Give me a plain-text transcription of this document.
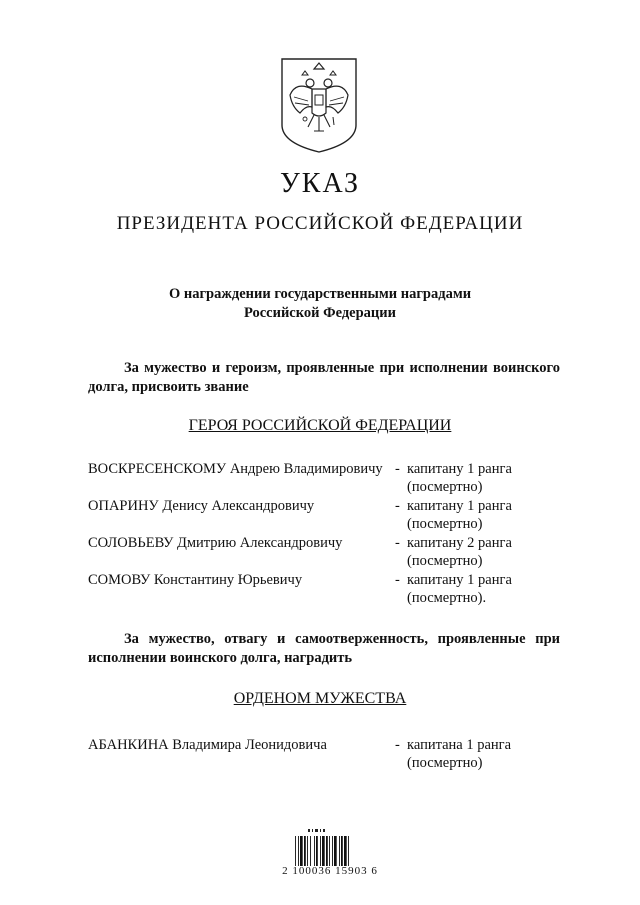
УКАЗ
ПРЕЗИДЕНТА РОССИЙСКОЙ ФЕДЕРАЦИИ
О награждении государственными наградами
Российской Федерации
За мужество и героизм, проявленные при исполнении воинского долга, присвоить звание
ГЕРОЯ РОССИЙСКОЙ ФЕДЕРАЦИИ
ВОСКРЕСЕНСКОМУ Андрею Владимировичу - капитану 1 ранга
(посмертно)
ОПАРИНУ Денису Александровичу	- капитану 1 ранга
(посмертно)
СОЛОВЬЕВУ Дмитрию Александровичу	- капитану 2 ранга
(посмертно)
СОМОВУ Константину Юрьевичу	- капитану 1 ранга
(посмертно).
За мужество, отвагу и самоотверженность, проявленные при исполнении воинского долга, наградить
ОРДЕНОМ МУЖЕСТВА
АБАНКИНА Владимира Леонидовича	- капитана 1 ранга
(посмертно)
2 100036 15903 6
